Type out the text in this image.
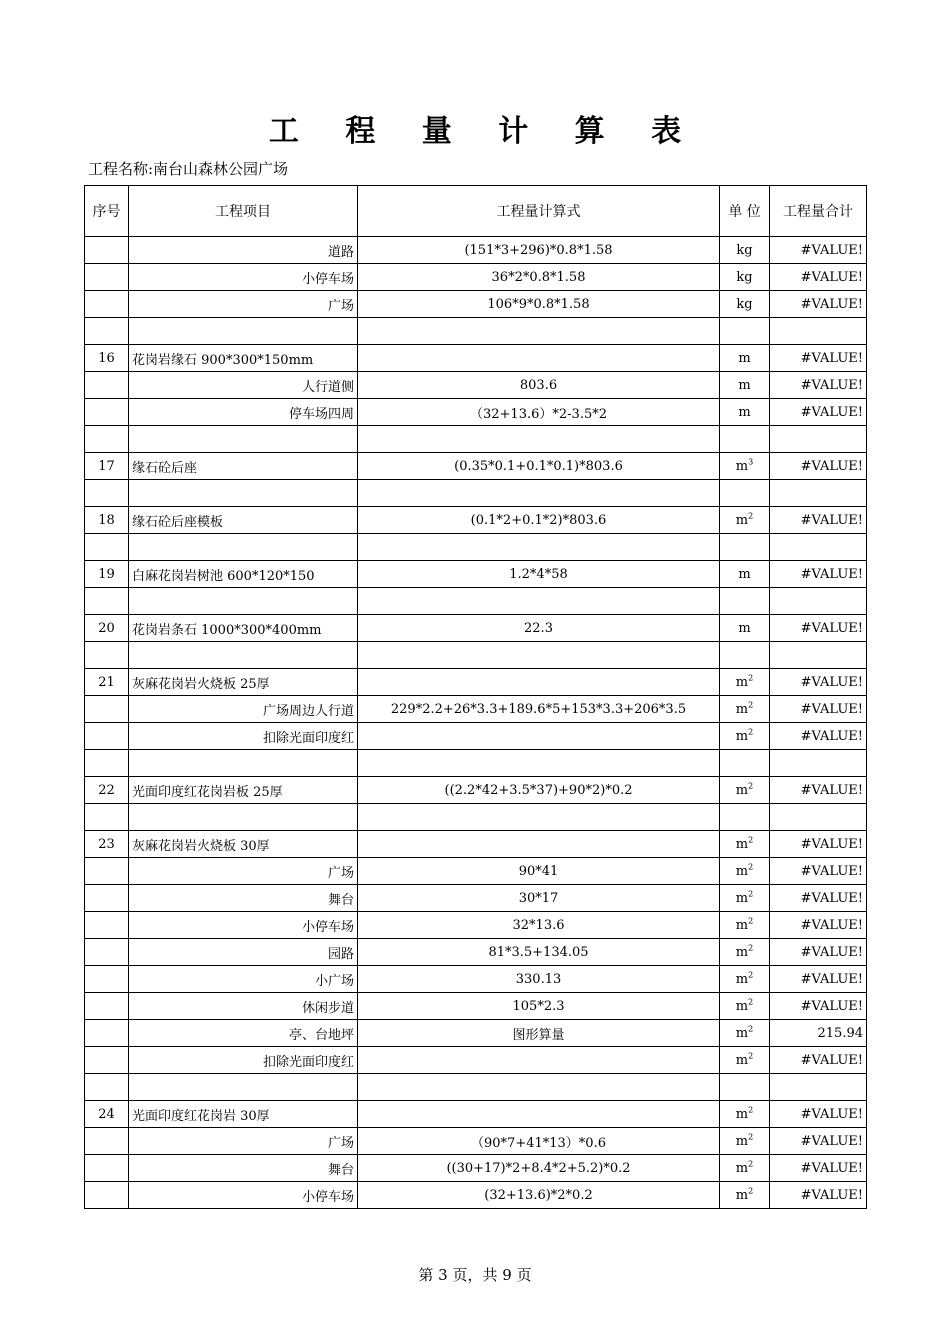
工 程 量 计 算 表
工程名称:南台山森林公园广场
序号	工程项目	工程量计算式	单 位	工程量合计
	道路	(151*3+296)*0.8*1.58	kg	#VALUE!
	小停车场	36*2*0.8*1.58	kg	#VALUE!
	广场	106*9*0.8*1.58	kg	#VALUE!

16	花岗岩缘石 900*300*150mm		m	#VALUE!
	人行道侧	803.6	m	#VALUE!
	停车场四周	（32+13.6）*2-3.5*2	m	#VALUE!

17	缘石砼后座	(0.35*0.1+0.1*0.1)*803.6	$m^3$	#VALUE!

18	缘石砼后座模板	(0.1*2+0.1*2)*803.6	$m^2$	#VALUE!

19	白麻花岗岩树池 600*120*150	1.2*4*58	m	#VALUE!

20	花岗岩条石 1000*300*400mm	22.3	m	#VALUE!

21	灰麻花岗岩火烧板 25厚		$m^2$	#VALUE!
	广场周边人行道	229*2.2+26*3.3+189.6*5+153*3.3+206*3.5	$m^2$	#VALUE!
	扣除光面印度红		$m^2$	#VALUE!

22	光面印度红花岗岩板 25厚	((2.2*42+3.5*37)+90*2)*0.2	$m^2$	#VALUE!

23	灰麻花岗岩火烧板 30厚		$m^2$	#VALUE!
	广场	90*41	$m^2$	#VALUE!
	舞台	30*17	$m^2$	#VALUE!
	小停车场	32*13.6	$m^2$	#VALUE!
	园路	81*3.5+134.05	$m^2$	#VALUE!
	小广场	330.13	$m^2$	#VALUE!
	休闲步道	105*2.3	$m^2$	#VALUE!
	亭、台地坪	图形算量	$m^2$	215.94
	扣除光面印度红		$m^2$	#VALUE!

24	光面印度红花岗岩 30厚		$m^2$	#VALUE!
	广场	（90*7+41*13）*0.6	$m^2$	#VALUE!
	舞台	((30+17)*2+8.4*2+5.2)*0.2	$m^2$	#VALUE!
	小停车场	(32+13.6)*2*0.2	$m^2$	#VALUE!
第 3 页，共 9 页
